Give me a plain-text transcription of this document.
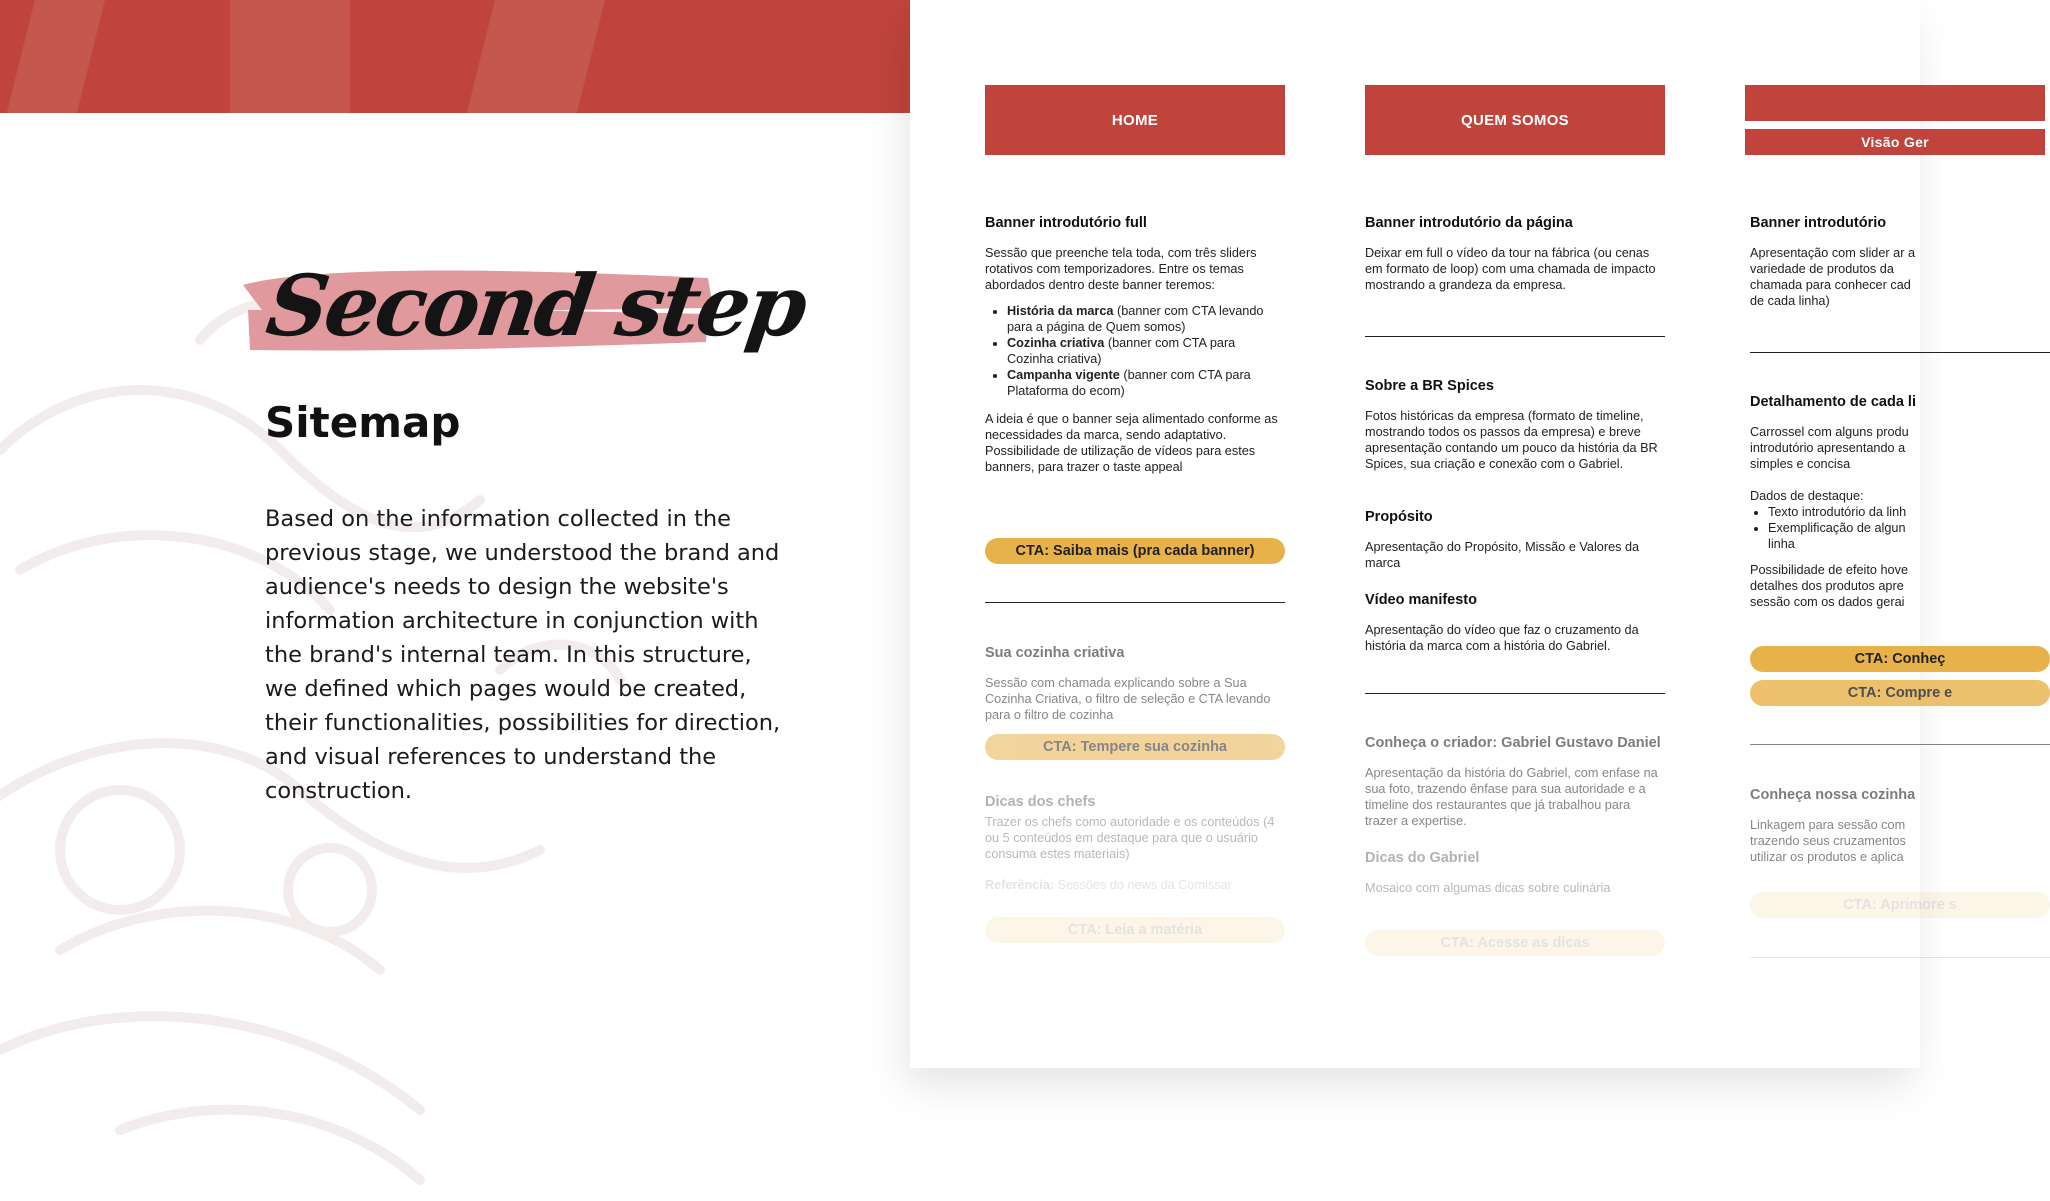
Second step
Sitemap
Based on the information collected in the previous stage, we understood the brand and audience's needs to design the website's information architecture in conjunction with the brand's internal team. In this structure, we defined which pages would be created, their functionalities, possibilities for direction, and visual references to understand the construction.
HOME
Banner introdutório full

Sessão que preenche tela toda, com três sliders rotativos com temporizadores. Entre os temas abordados dentro deste banner teremos:

• História da marca (banner com CTA levando para a página de Quem somos)
• Cozinha criativa (banner com CTA para Cozinha criativa)
• Campanha vigente (banner com CTA para Plataforma do ecom)

A ideia é que o banner seja alimentado conforme as necessidades da marca, sendo adaptativo. Possibilidade de utilização de vídeos para estes banners, para trazer o taste appeal

CTA: Saiba mais (pra cada banner)
Sua cozinha criativa

Sessão com chamada explicando sobre a Sua Cozinha Criativa, o filtro de seleção e CTA levando para o filtro de cozinha

CTA: Tempere sua cozinha
Dicas dos chefs

Trazer os chefs como autoridade e os conteúdos (4 ou 5 conteúdos em destaque para que o usuário consuma estes materiais)

Referência: Sessões do news da Comissar
CTA: Leia a matéria
QUEM SOMOS
Banner introdutório da página

Deixar em full o vídeo da tour na fábrica (ou cenas em formato de loop) com uma chamada de impacto mostrando a grandeza da empresa.

Sobre a BR Spices

Fotos históricas da empresa (formato de timeline, mostrando todos os passos da empresa) e breve apresentação contando um pouco da história da BR Spices, sua criação e conexão com o Gabriel.

Propósito

Apresentação do Propósito, Missão e Valores da marca

Vídeo manifesto

Apresentação do vídeo que faz o cruzamento da história da marca com a história do Gabriel.

Conheça o criador: Gabriel Gustavo Daniel

Apresentação da história do Gabriel, com enfase na sua foto, trazendo ênfase para sua autoridade e a timeline dos restaurantes que já trabalhou para trazer a expertise.

Dicas do Gabriel

Mosaico com algumas dicas sobre culinária

CTA: Acesse as dicas
Visão Ger
Banner introdutório

Apresentação com slider ar a variedade de produtos da chamada para conhecer cad de cada linha)

Detalhamento de cada li

Carrossel com alguns produ introdutório apresentando a simples e concisa

Dados de destaque:

• Texto introdutório da linh
• Exemplificação de algun linha

Possibilidade de efeito hove detalhes dos produtos apre sessão com os dados gerai

CTA: Conheç
CTA: Compre e
Conheça nossa cozinha

Linkagem para sessão com trazendo seus cruzamentos utilizar os produtos e aplica

CTA: Aprimore s
